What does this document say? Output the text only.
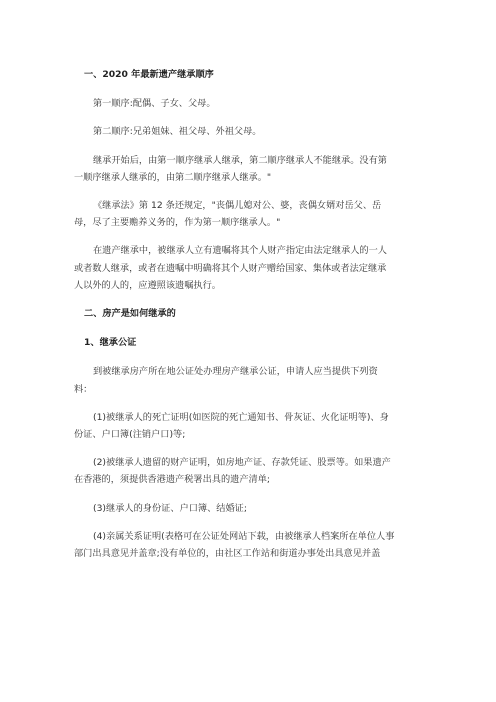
一、2020 年最新遗产继承顺序
第一顺序:配偶、子女、父母。
第二顺序:兄弟姐妹、祖父母、外祖父母。
继承开始后，由第一顺序继承人继承，第二顺序继承人不能继承。没有第
一顺序继承人继承的，由第二顺序继承人继承。"
《继承法》第 12 条还规定，"丧偶儿媳对公、婆，丧偶女婿对岳父、岳
母，尽了主要赡养义务的，作为第一顺序继承人。"
在遗产继承中，被继承人立有遗嘱将其个人财产指定由法定继承人的一人
或者数人继承，或者在遗嘱中明确将其个人财产赠给国家、集体或者法定继承
人以外的人的，应遵照该遗嘱执行。
二、房产是如何继承的
1、继承公证
到被继承房产所在地公证处办理房产继承公证，申请人应当提供下列资
料：
(1)被继承人的死亡证明(如医院的死亡通知书、骨灰证、火化证明等)、身
份证、户口簿(注销户口)等;
(2)被继承人遗留的财产证明，如房地产证、存款凭证、股票等。如果遗产
在香港的，须提供香港遗产税署出具的遗产清单;
(3)继承人的身份证、户口簿、结婚证;
(4)亲属关系证明(表格可在公证处网站下载，由被继承人档案所在单位人事
部门出具意见并盖章;没有单位的，由社区工作站和街道办事处出具意见并盖
